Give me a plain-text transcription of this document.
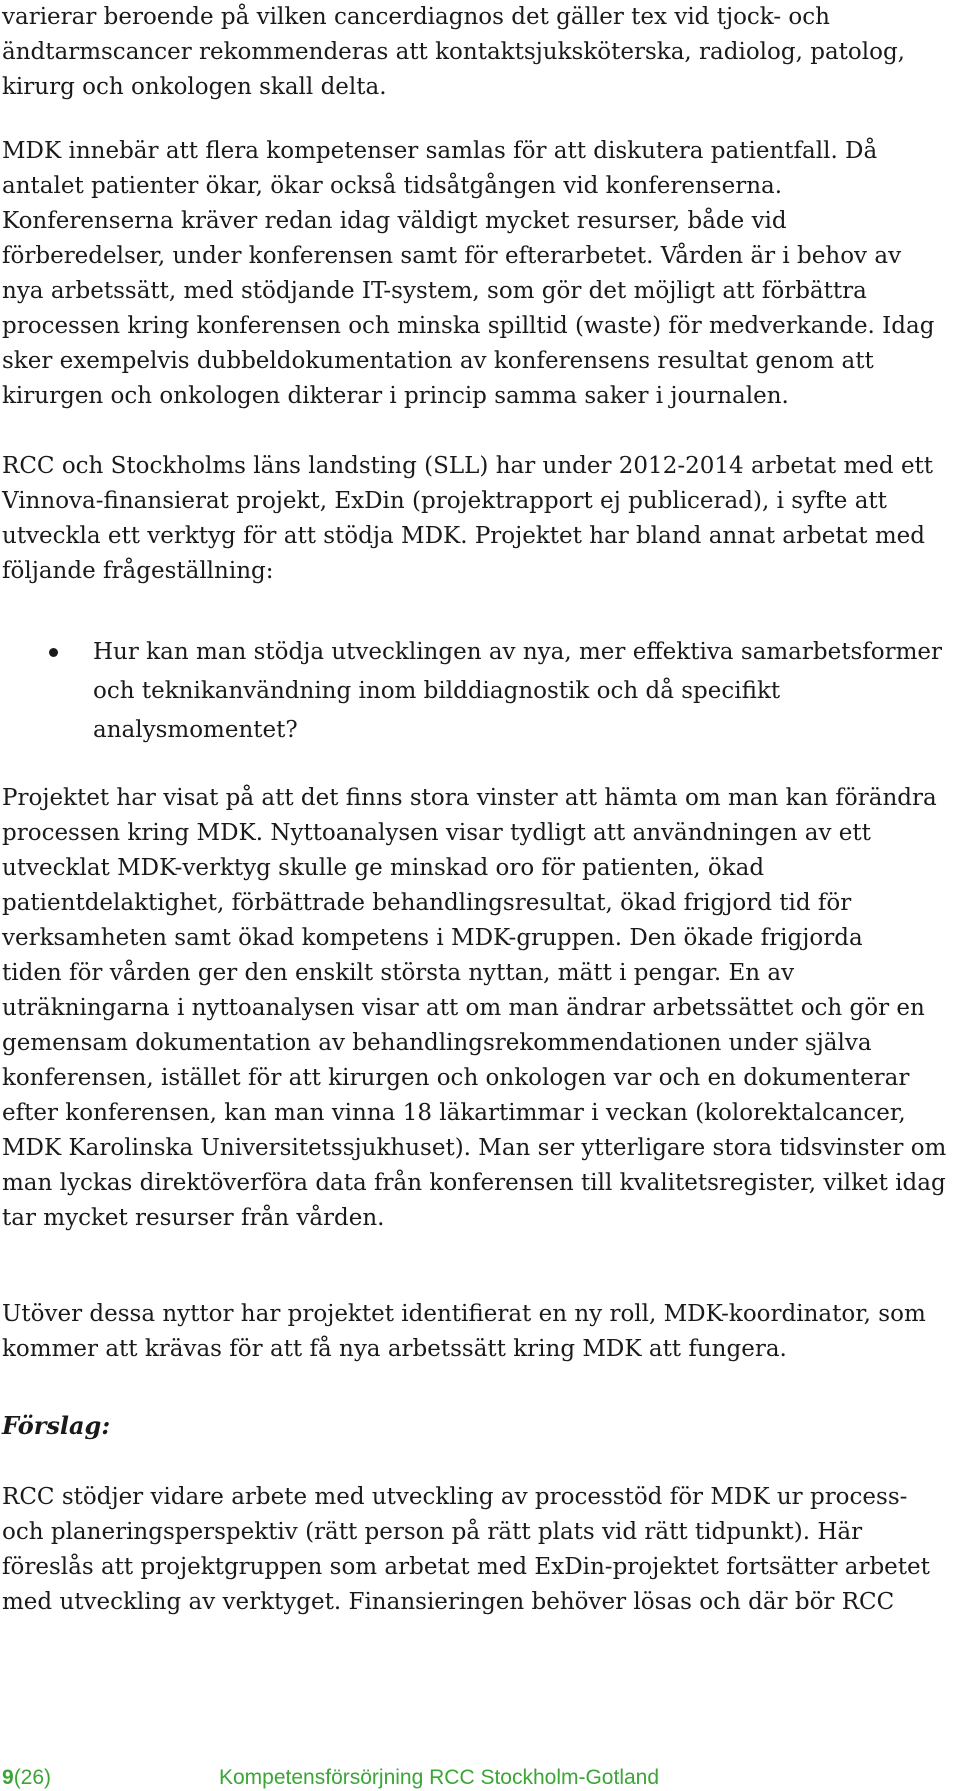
varierar beroende på vilken cancerdiagnos det gäller tex vid tjock- och
ändtarmscancer rekommenderas att kontaktsjuksköterska, radiolog, patolog,
kirurg och onkologen skall delta.
MDK innebär att flera kompetenser samlas för att diskutera patientfall. Då
antalet patienter ökar, ökar också tidsåtgången vid konferenserna.
Konferenserna kräver redan idag väldigt mycket resurser, både vid
förberedelser, under konferensen samt för efterarbetet. Vården är i behov av
nya arbetssätt, med stödjande IT-system, som gör det möjligt att förbättra
processen kring konferensen och minska spilltid (waste) för medverkande. Idag
sker exempelvis dubbeldokumentation av konferensens resultat genom att
kirurgen och onkologen dikterar i princip samma saker i journalen.
RCC och Stockholms läns landsting (SLL) har under 2012-2014 arbetat med ett
Vinnova-finansierat projekt, ExDin (projektrapport ej publicerad), i syfte att
utveckla ett verktyg för att stödja MDK. Projektet har bland annat arbetat med
följande frågeställning:
Hur kan man stödja utvecklingen av nya, mer effektiva samarbetsformer
och teknikanvändning inom bilddiagnostik och då specifikt
analysmomentet?
Projektet har visat på att det finns stora vinster att hämta om man kan förändra
processen kring MDK. Nyttoanalysen visar tydligt att användningen av ett
utvecklat MDK-verktyg skulle ge minskad oro för patienten, ökad
patientdelaktighet, förbättrade behandlingsresultat, ökad frigjord tid för
verksamheten samt ökad kompetens i MDK-gruppen. Den ökade frigjorda
tiden för vården ger den enskilt största nyttan, mätt i pengar. En av
uträkningarna i nyttoanalysen visar att om man ändrar arbetssättet och gör en
gemensam dokumentation av behandlingsrekommendationen under själva
konferensen, istället för att kirurgen och onkologen var och en dokumenterar
efter konferensen, kan man vinna 18 läkartimmar i veckan (kolorektalcancer,
MDK Karolinska Universitetssjukhuset). Man ser ytterligare stora tidsvinster om
man lyckas direktöverföra data från konferensen till kvalitetsregister, vilket idag
tar mycket resurser från vården.
Utöver dessa nyttor har projektet identifierat en ny roll, MDK-koordinator, som
kommer att krävas för att få nya arbetssätt kring MDK att fungera.
Förslag:
RCC stödjer vidare arbete med utveckling av processtöd för MDK ur process-
och planeringsperspektiv (rätt person på rätt plats vid rätt tidpunkt). Här
föreslås att projektgruppen som arbetat med ExDin-projektet fortsätter arbetet
med utveckling av verktyget. Finansieringen behöver lösas och där bör RCC
9(26)	Kompetensförsörjning RCC Stockholm-Gotland
